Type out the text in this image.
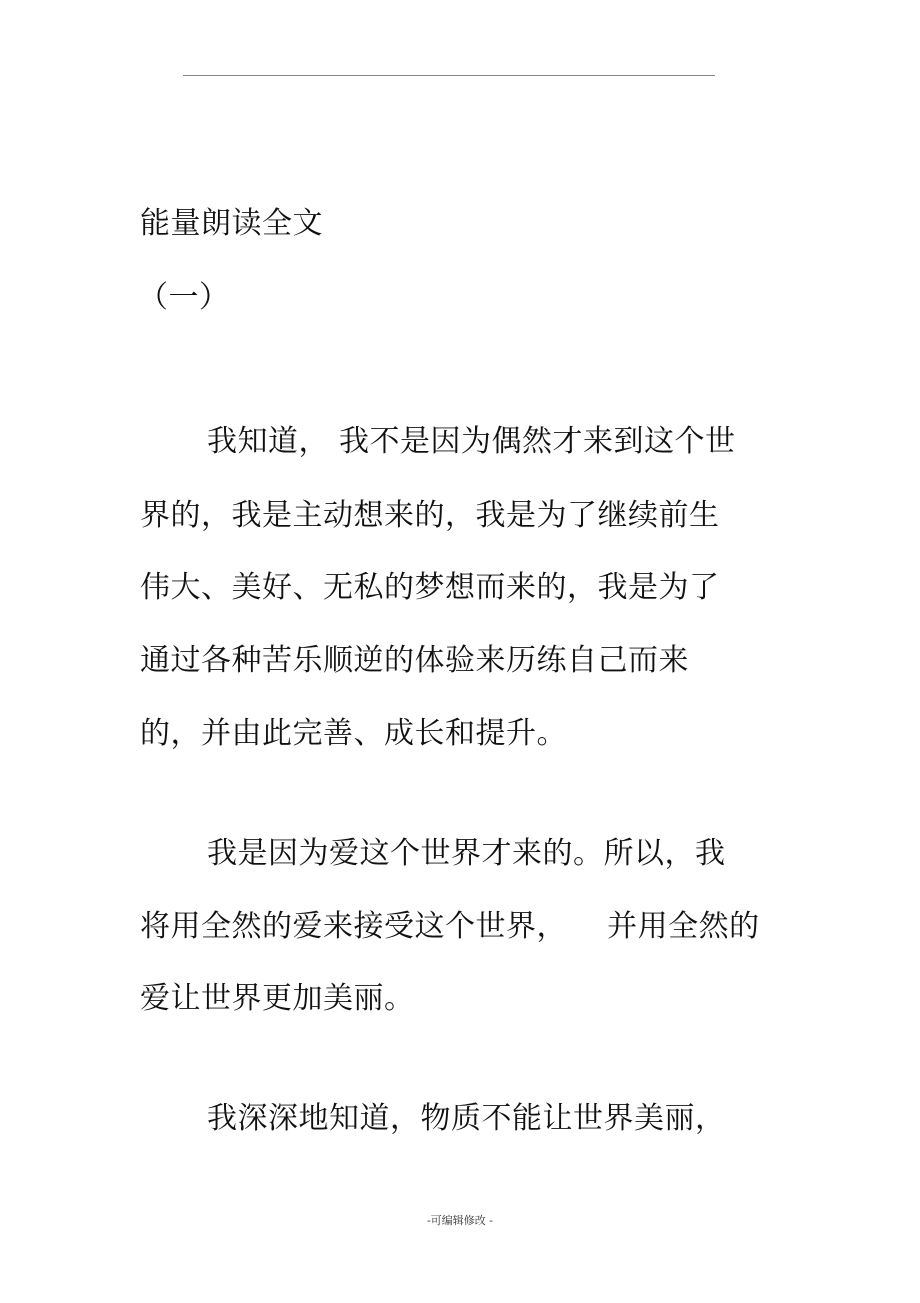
能量朗读全文
（一）
我知道， 我不是因为偶然才来到这个世
界的，我是主动想来的，我是为了继续前生
伟大、美好、无私的梦想而来的，我是为了
通过各种苦乐顺逆的体验来历练自己而来
的，并由此完善、成长和提升。
我是因为爱这个世界才来的。所以，我
将用全然的爱来接受这个世界，    并用全然的
爱让世界更加美丽。
我深深地知道，物质不能让世界美丽，
-可编辑修改 -
